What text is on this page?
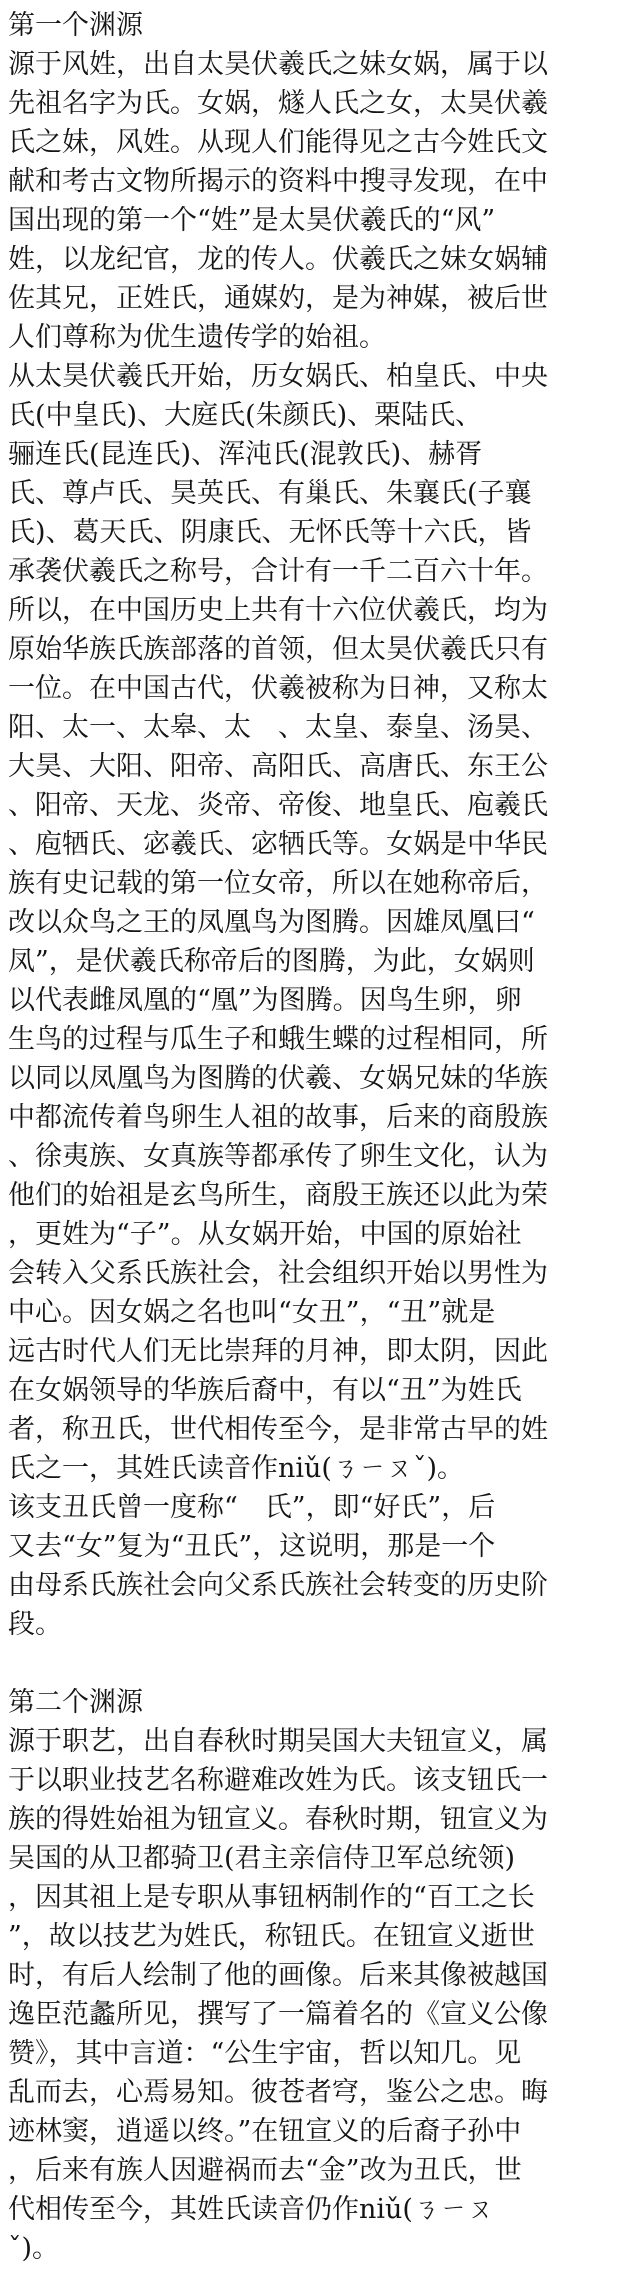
第一个渊源
源于风姓，出自太昊伏羲氏之妹女娲，属于以
先祖名字为氏。女娲，燧人氏之女，太昊伏羲
氏之妹，风姓。从现人们能得见之古今姓氏文
献和考古文物所揭示的资料中搜寻发现，在中
国出现的第一个“姓”是太昊伏羲氏的“风”
姓，以龙纪官，龙的传人。伏羲氏之妹女娲辅
佐其兄，正姓氏，通媒妁，是为神媒，被后世
人们尊称为优生遗传学的始祖。
从太昊伏羲氏开始，历女娲氏、柏皇氏、中央
氏(中皇氏)、大庭氏(朱颜氏)、栗陆氏、
骊连氏(昆连氏)、浑沌氏(混敦氏)、赫胥
氏、尊卢氏、昊英氏、有巢氏、朱襄氏(子襄
氏)、葛天氏、阴康氏、无怀氏等十六氏，皆
承袭伏羲氏之称号，合计有一千二百六十年。
所以，在中国历史上共有十六位伏羲氏，均为
原始华族氏族部落的首领，但太昊伏羲氏只有
一位。在中国古代，伏羲被称为日神，又称太
阳、太一、太皋、太　、太皇、泰皇、汤昊、
大昊、大阳、阳帝、高阳氏、高唐氏、东王公
、阳帝、天龙、炎帝、帝俊、地皇氏、庖羲氏
、庖牺氏、宓羲氏、宓牺氏等。女娲是中华民
族有史记载的第一位女帝，所以在她称帝后，
改以众鸟之王的凤凰鸟为图腾。因雄凤凰曰“
凤”，是伏羲氏称帝后的图腾，为此，女娲则
以代表雌凤凰的“凰”为图腾。因鸟生卵，卵
生鸟的过程与瓜生子和蛾生蝶的过程相同，所
以同以凤凰鸟为图腾的伏羲、女娲兄妹的华族
中都流传着鸟卵生人祖的故事，后来的商殷族
、徐夷族、女真族等都承传了卵生文化，认为
他们的始祖是玄鸟所生，商殷王族还以此为荣
，更姓为“子”。从女娲开始，中国的原始社
会转入父系氏族社会，社会组织开始以男性为
中心。因女娲之名也叫“女丑”，“丑”就是
远古时代人们无比崇拜的月神，即太阴，因此
在女娲领导的华族后裔中，有以“丑”为姓氏
者，称丑氏，世代相传至今，是非常古早的姓
氏之一，其姓氏读音作niǔ(ㄋㄧㄡˇ)。
该支丑氏曾一度称“　氏”，即“好氏”，后
又去“女”复为“丑氏”，这说明，那是一个
由母系氏族社会向父系氏族社会转变的历史阶
段。
第二个渊源
源于职艺，出自春秋时期吴国大夫钮宣义，属
于以职业技艺名称避难改姓为氏。该支钮氏一
族的得姓始祖为钮宣义。春秋时期，钮宣义为
吴国的从卫都骑卫(君主亲信侍卫军总统领)
，因其祖上是专职从事钮柄制作的“百工之长
”，故以技艺为姓氏，称钮氏。在钮宣义逝世
时，有后人绘制了他的画像。后来其像被越国
逸臣范蠡所见，撰写了一篇着名的《宣义公像
赞》，其中言道：“公生宇宙，哲以知几。见
乱而去，心焉易知。彼苍者穹，鉴公之忠。晦
迹林窦，逍遥以终。”在钮宣义的后裔子孙中
，后来有族人因避祸而去“金”改为丑氏，世
代相传至今，其姓氏读音仍作niǔ(ㄋㄧㄡ
ˇ)。
